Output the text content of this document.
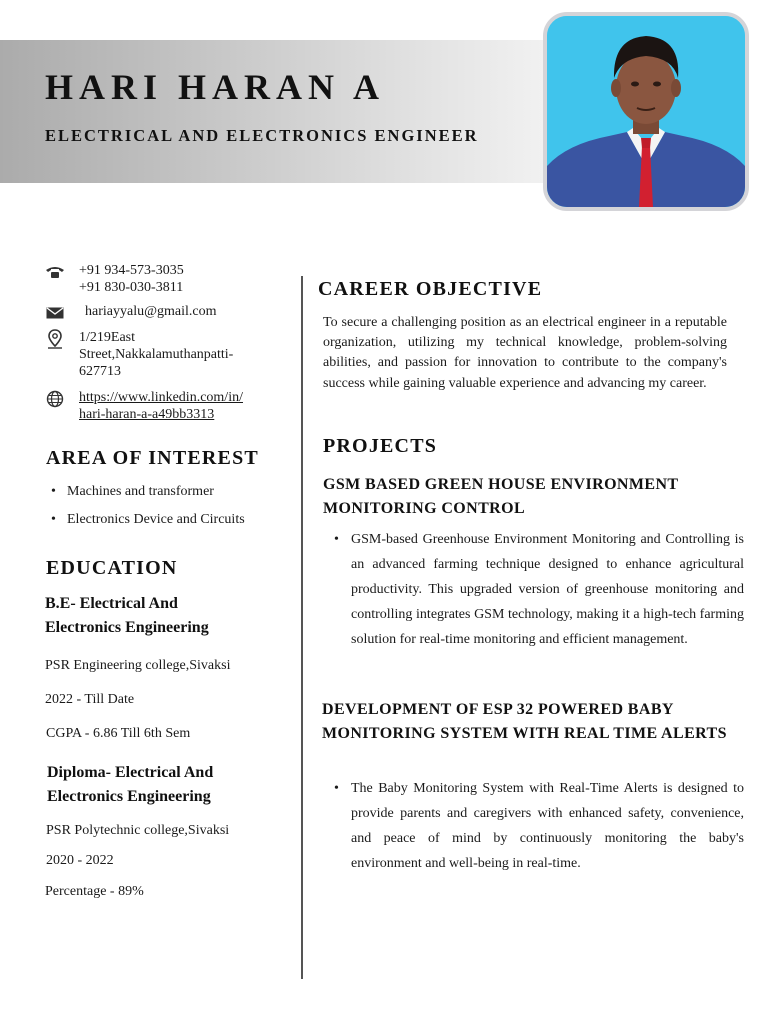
HARI HARAN A
ELECTRICAL AND ELECTRONICS ENGINEER
+91 934-573-3035
+91 830-030-3811
hariayyalu@gmail.com
1/219East
Street,Nakkalamuthanpatti-
627713
https://www.linkedin.com/in/
hari-haran-a-a49bb3313
AREA OF INTEREST
• Machines and transformer
• Electronics Device and Circuits
EDUCATION
B.E- Electrical And
Electronics Engineering
PSR Engineering college,Sivaksi
2022 - Till Date
CGPA - 6.86 Till 6th Sem
Diploma- Electrical And
Electronics Engineering
PSR Polytechnic college,Sivaksi
2020 - 2022
Percentage - 89%
CAREER OBJECTIVE
To secure a challenging position as an electrical engineer in a reputable organization, utilizing my technical knowledge, problem-solving abilities, and passion for innovation to contribute to the company's success while gaining valuable experience and advancing my career.
PROJECTS
GSM BASED GREEN HOUSE ENVIRONMENT MONITORING CONTROL
• GSM-based Greenhouse Environment Monitoring and Controlling is an advanced farming technique designed to enhance agricultural productivity. This upgraded version of greenhouse monitoring and controlling integrates GSM technology, making it a high-tech farming solution for real-time monitoring and efficient management.
DEVELOPMENT OF ESP 32 POWERED BABY MONITORING SYSTEM WITH REAL TIME ALERTS
• The Baby Monitoring System with Real-Time Alerts is designed to provide parents and caregivers with enhanced safety, convenience, and peace of mind by continuously monitoring the baby's environment and well-being in real-time.
